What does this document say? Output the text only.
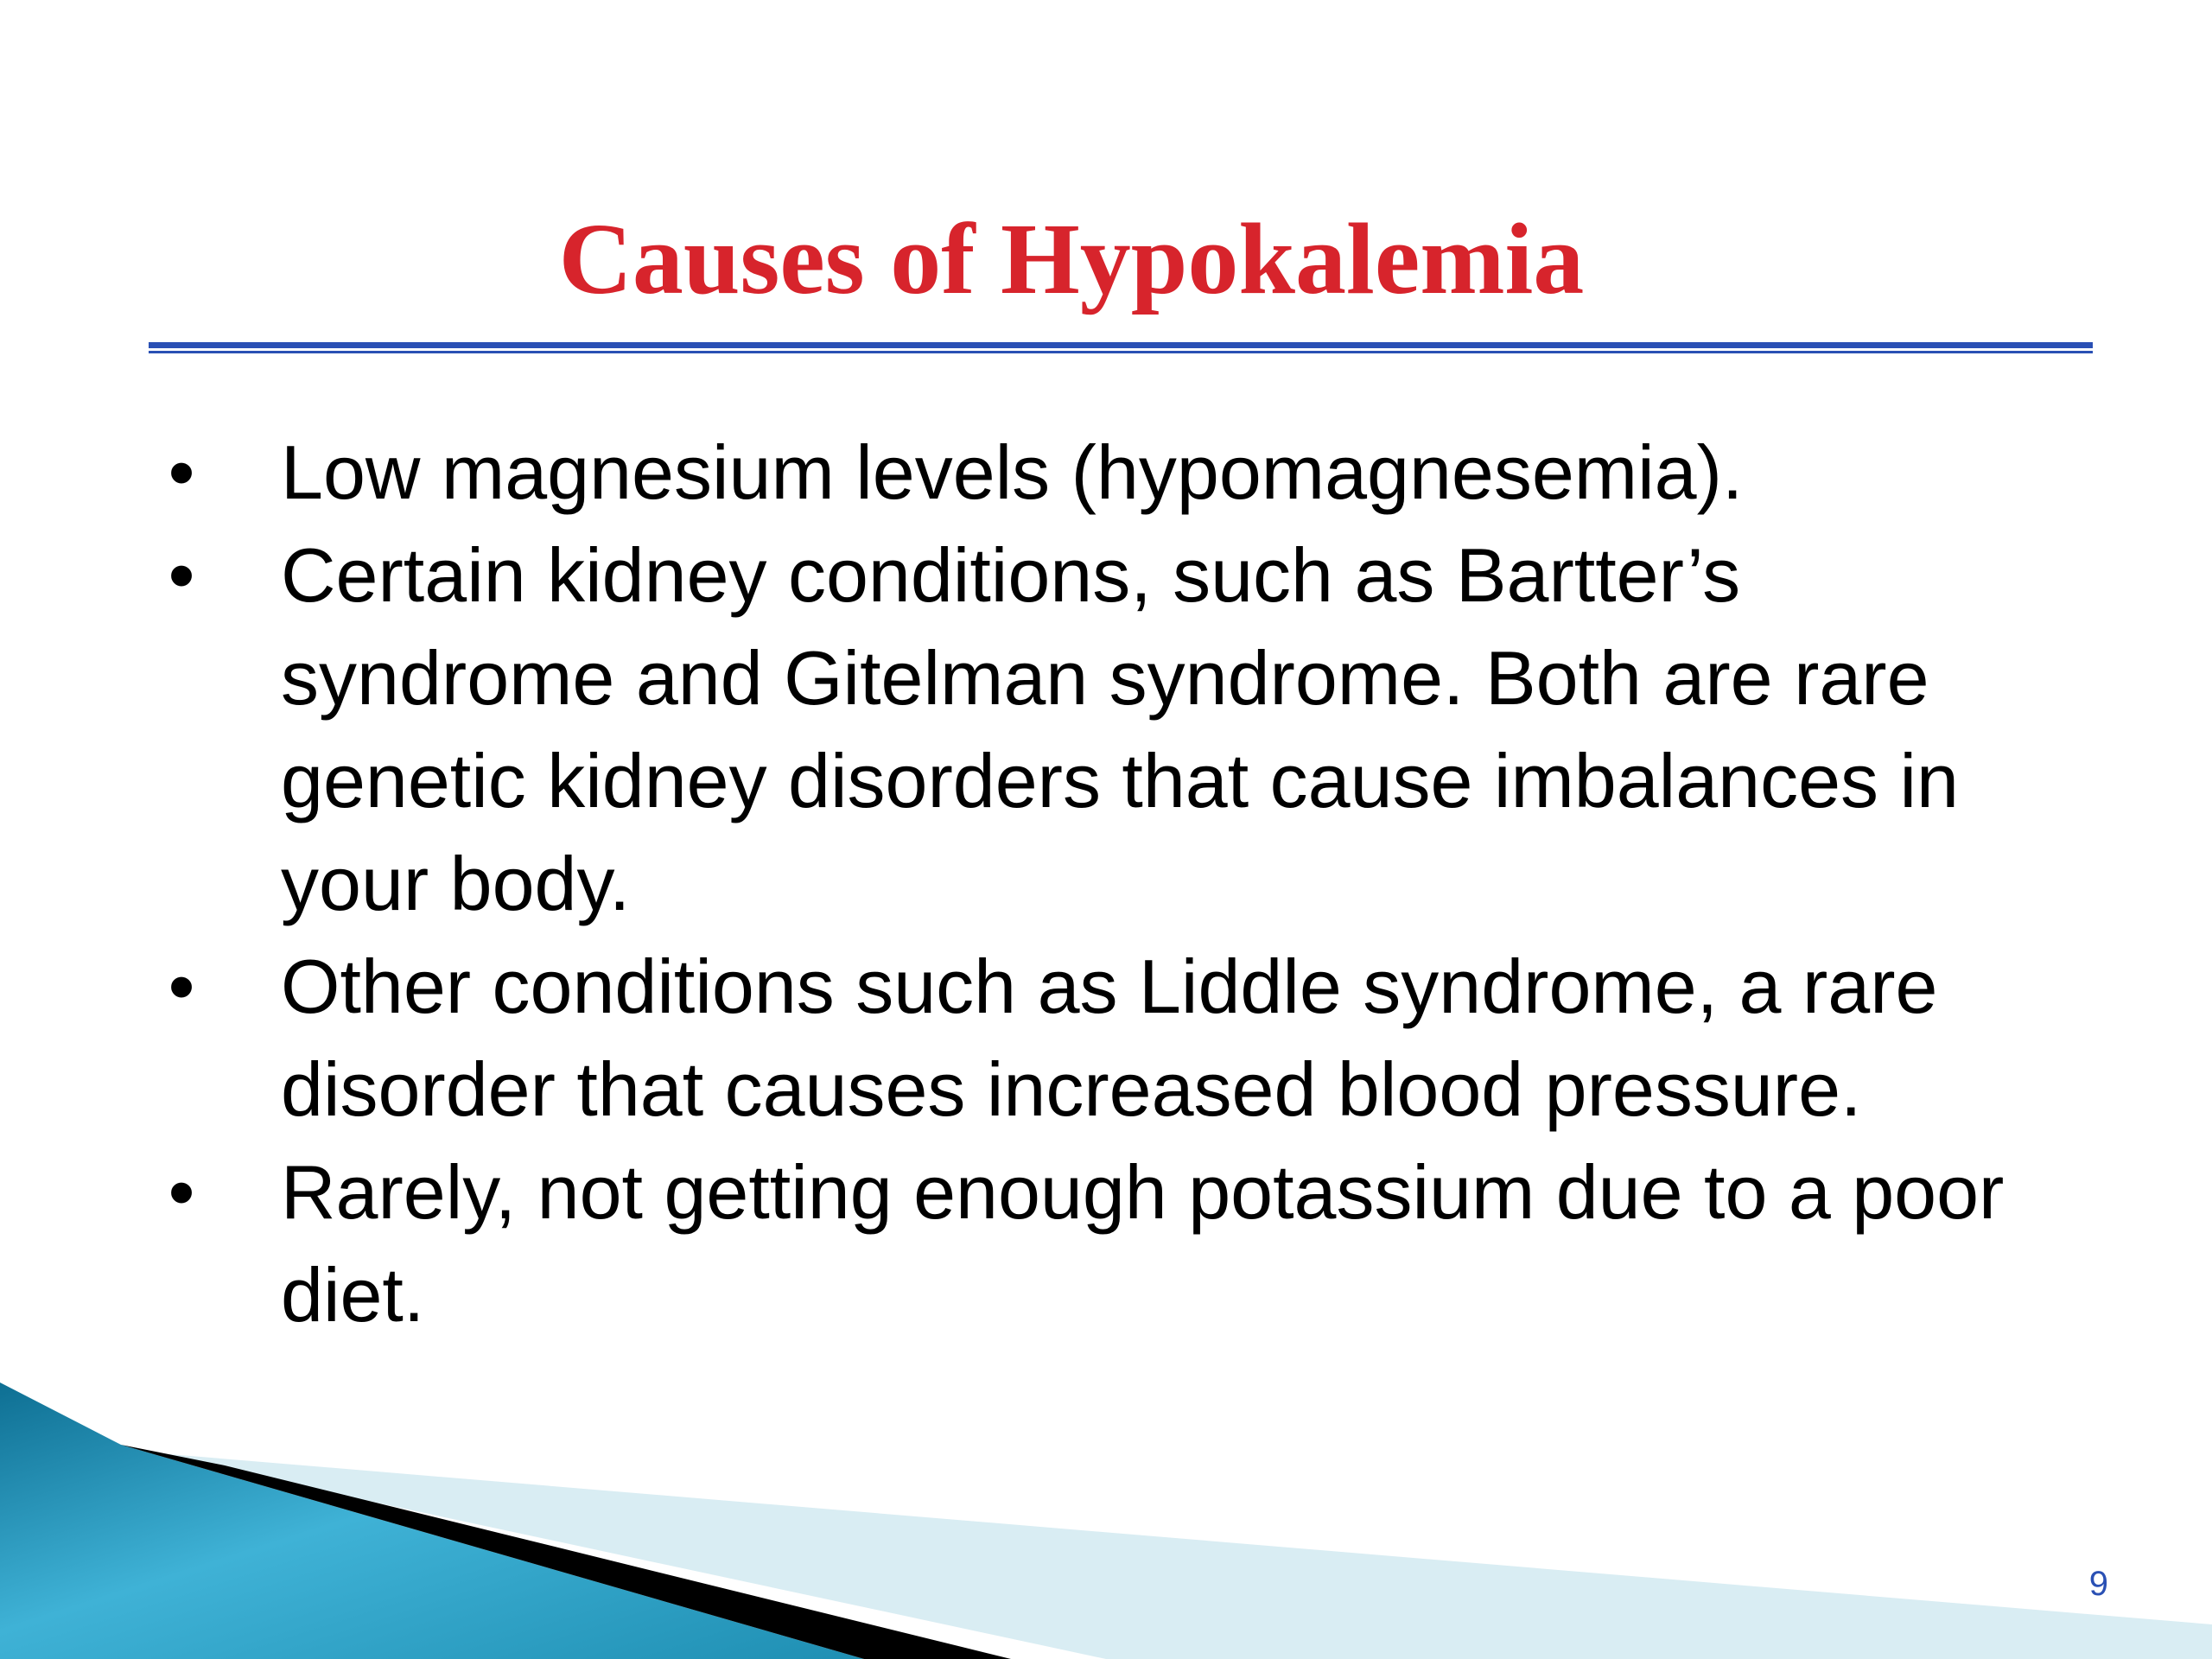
Causes of Hypokalemia
• Low magnesium levels (hypomagnesemia).
• Certain kidney conditions, such as Bartter’s syndrome and Gitelman syndrome. Both are rare genetic kidney disorders that cause imbalances in your body.
• Other conditions such as Liddle syndrome, a rare disorder that causes increased blood pressure.
• Rarely, not getting enough potassium due to a poor diet.
9
